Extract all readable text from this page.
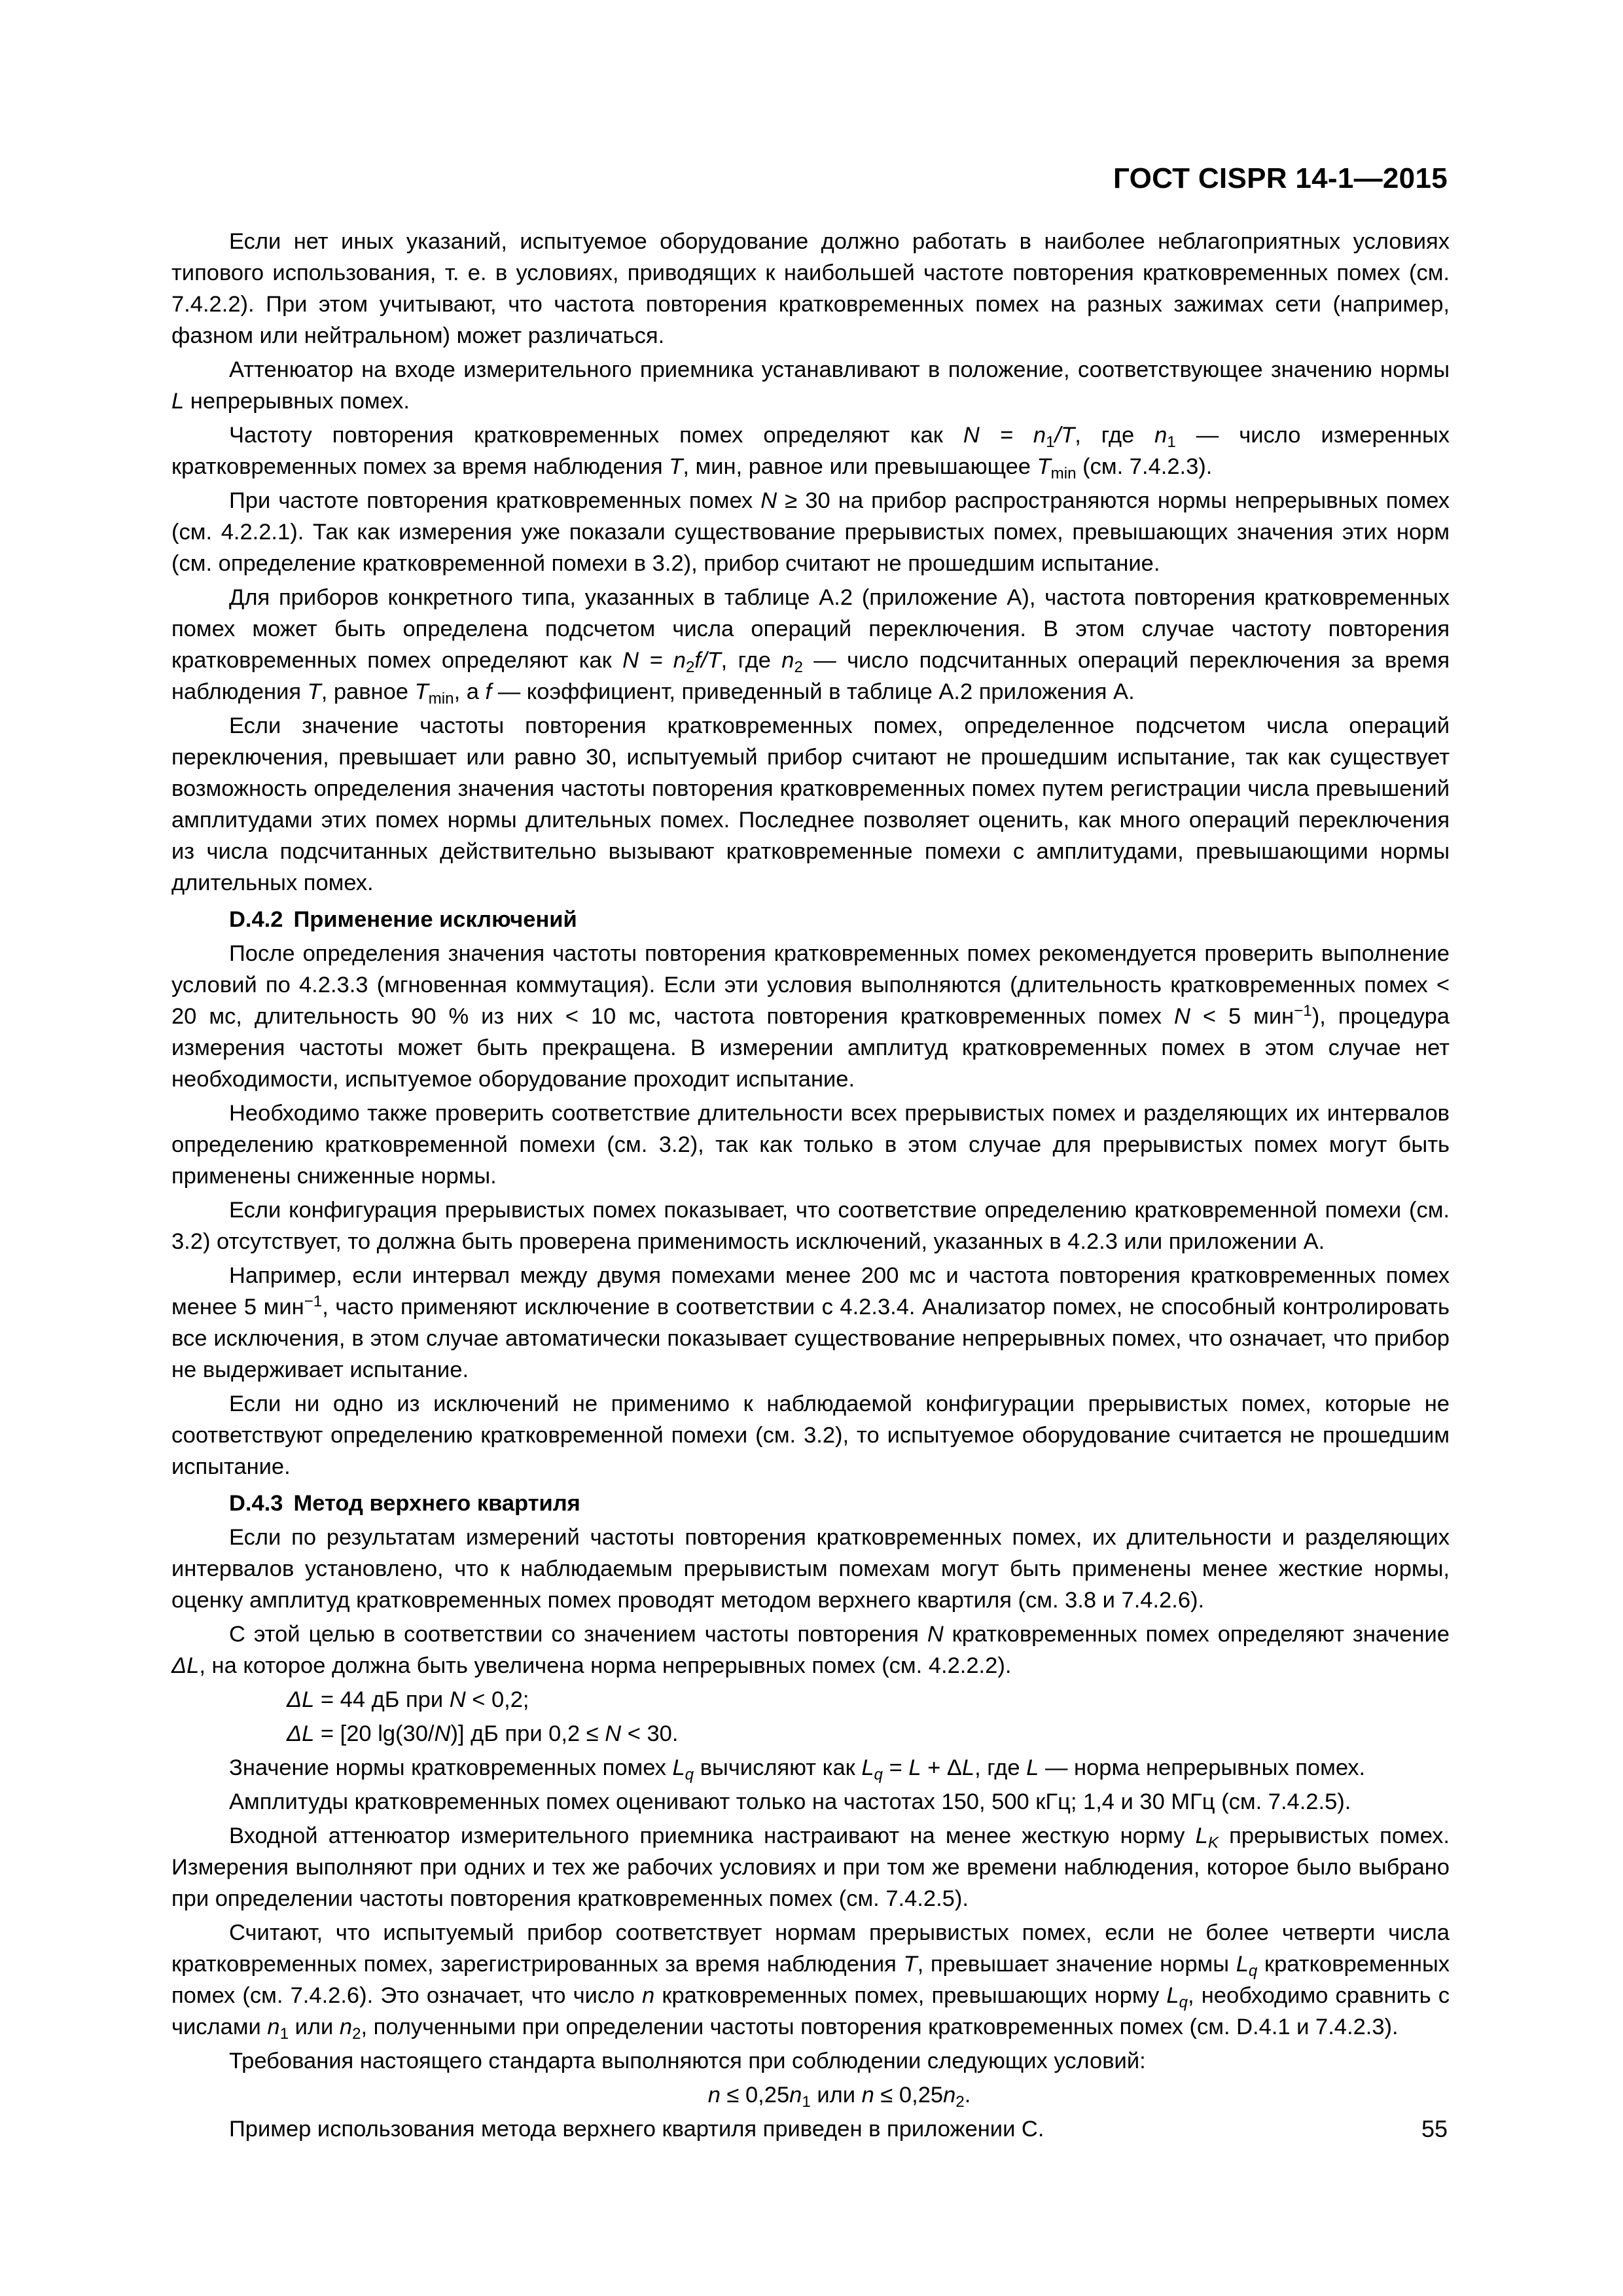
ГОСТ CISPR 14-1—2015

Если нет иных указаний, испытуемое оборудование должно работать в наиболее неблагоприятных условиях типового использования, т. е. в условиях, приводящих к наибольшей частоте повторения кратковременных помех (см. 7.4.2.2). При этом учитывают, что частота повторения кратковременных помех на разных зажимах сети (например, фазном или нейтральном) может различаться.

Аттенюатор на входе измерительного приемника устанавливают в положение, соответствующее значению нормы L непрерывных помех.

Частоту повторения кратковременных помех определяют как $N = n_1/T$, где $n_1$ — число измеренных кратковременных помех за время наблюдения T, мин, равное или превышающее $T_{min}$ (см. 7.4.2.3).

При частоте повторения кратковременных помех N ≥ 30 на прибор распространяются нормы непрерывных помех (см. 4.2.2.1). Так как измерения уже показали существование прерывистых помех, превышающих значения этих норм (см. определение кратковременной помехи в 3.2), прибор считают не прошедшим испытание.

Для приборов конкретного типа, указанных в таблице А.2 (приложение А), частота повторения кратковременных помех может быть определена подсчетом числа операций переключения. В этом случае частоту повторения кратковременных помех определяют как $N = n_2f/T$, где $n_2$ — число подсчитанных операций переключения за время наблюдения T, равное $T_{min}$, а f — коэффициент, приведенный в таблице А.2 приложения А.

Если значение частоты повторения кратковременных помех, определенное подсчетом числа операций переключения, превышает или равно 30, испытуемый прибор считают не прошедшим испытание, так как существует возможность определения значения частоты повторения кратковременных помех путем регистрации числа превышений амплитудами этих помех нормы длительных помех. Последнее позволяет оценить, как много операций переключения из числа подсчитанных действительно вызывают кратковременные помехи с амплитудами, превышающими нормы длительных помех.

D.4.2 Применение исключений

После определения значения частоты повторения кратковременных помех рекомендуется проверить выполнение условий по 4.2.3.3 (мгновенная коммутация). Если эти условия выполняются (длительность кратковременных помех < 20 мс, длительность 90 % из них < 10 мс, частота повторения кратковременных помех N < 5 мин$^{-1}$), процедура измерения частоты может быть прекращена. В измерении амплитуд кратковременных помех в этом случае нет необходимости, испытуемое оборудование проходит испытание.

Необходимо также проверить соответствие длительности всех прерывистых помех и разделяющих их интервалов определению кратковременной помехи (см. 3.2), так как только в этом случае для прерывистых помех могут быть применены сниженные нормы.

Если конфигурация прерывистых помех показывает, что соответствие определению кратковременной помехи (см. 3.2) отсутствует, то должна быть проверена применимость исключений, указанных в 4.2.3 или приложении А.

Например, если интервал между двумя помехами менее 200 мс и частота повторения кратковременных помех менее 5 мин$^{-1}$, часто применяют исключение в соответствии с 4.2.3.4. Анализатор помех, не способный контролировать все исключения, в этом случае автоматически показывает существование непрерывных помех, что означает, что прибор не выдерживает испытание.

Если ни одно из исключений не применимо к наблюдаемой конфигурации прерывистых помех, которые не соответствуют определению кратковременной помехи (см. 3.2), то испытуемое оборудование считается не прошедшим испытание.

D.4.3 Метод верхнего квартиля

Если по результатам измерений частоты повторения кратковременных помех, их длительности и разделяющих интервалов установлено, что к наблюдаемым прерывистым помехам могут быть применены менее жесткие нормы, оценку амплитуд кратковременных помех проводят методом верхнего квартиля (см. 3.8 и 7.4.2.6).

С этой целью в соответствии со значением частоты повторения N кратковременных помех определяют значение ΔL, на которое должна быть увеличена норма непрерывных помех (см. 4.2.2.2).

ΔL = 44 дБ при N < 0,2;

ΔL = [20 lg(30/N)] дБ при 0,2 ≤ N < 30.

Значение нормы кратковременных помех $L_q$ вычисляют как $L_q = L + \Delta L$, где L — норма непрерывных помех.

Амплитуды кратковременных помех оценивают только на частотах 150, 500 кГц; 1,4 и 30 МГц (см. 7.4.2.5).

Входной аттенюатор измерительного приемника настраивают на менее жесткую норму $L_K$ прерывистых помех. Измерения выполняют при одних и тех же рабочих условиях и при том же времени наблюдения, которое было выбрано при определении частоты повторения кратковременных помех (см. 7.4.2.5).

Считают, что испытуемый прибор соответствует нормам прерывистых помех, если не более четверти числа кратковременных помех, зарегистрированных за время наблюдения T, превышает значение нормы $L_q$ кратковременных помех (см. 7.4.2.6). Это означает, что число n кратковременных помех, превышающих норму $L_q$, необходимо сравнить с числами $n_1$ или $n_2$, полученными при определении частоты повторения кратковременных помех (см. D.4.1 и 7.4.2.3).

Требования настоящего стандарта выполняются при соблюдении следующих условий:

$n \le 0,25n_1$ или $n \le 0,25n_2$.

Пример использования метода верхнего квартиля приведен в приложении С.	55
